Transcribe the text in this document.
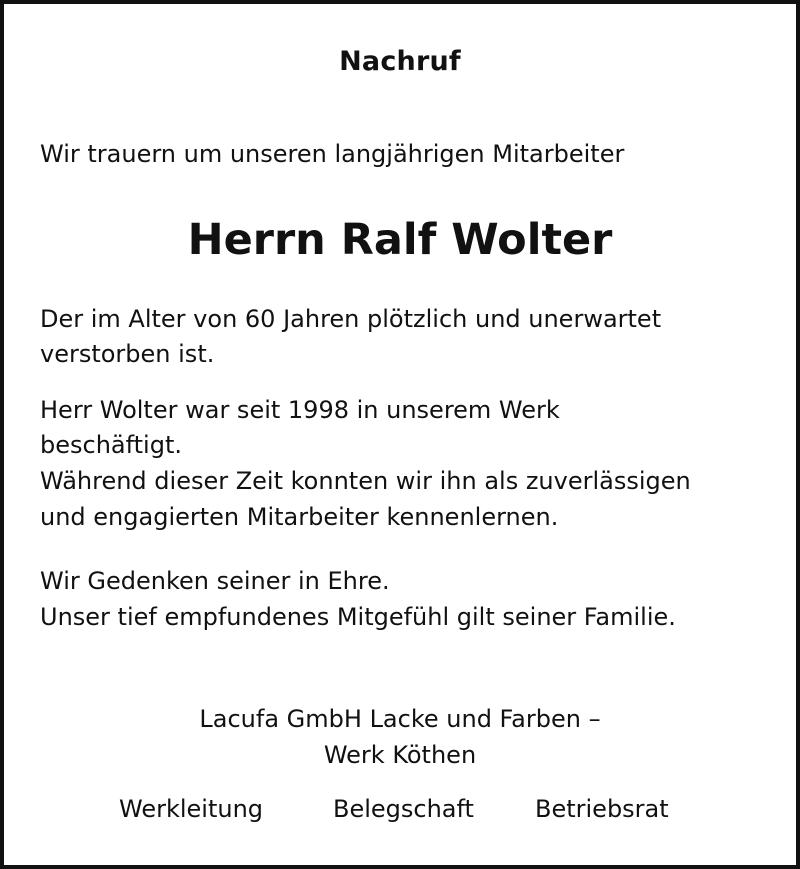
Nachruf
Wir trauern um unseren langjährigen Mitarbeiter
Herrn Ralf Wolter
Der im Alter von 60 Jahren plötzlich und unerwartet
verstorben ist.
Herr Wolter war seit 1998 in unserem Werk
beschäftigt.
Während dieser Zeit konnten wir ihn als zuverlässigen
und engagierten Mitarbeiter kennenlernen.
Wir Gedenken seiner in Ehre.
Unser tief empfundenes Mitgefühl gilt seiner Familie.
Lacufa GmbH Lacke und Farben –
Werk Köthen
Werkleitung	Belegschaft	Betriebsrat
